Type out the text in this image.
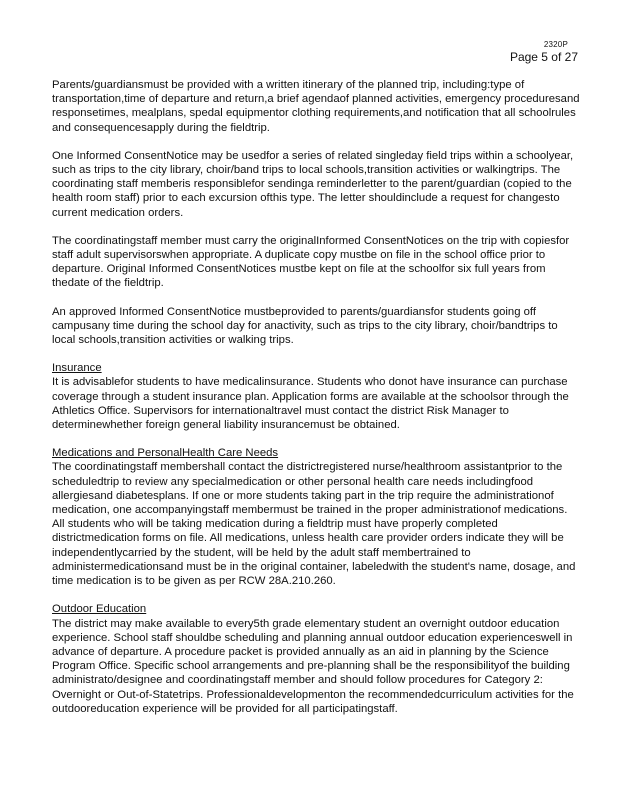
2320P
Page 5 of 27

Parents/guardiansmust be provided with a written itinerary of the planned trip, including:type of transportation,time of departure and return,a brief agendaof planned activities, emergency proceduresand responsetimes, mealplans, spedal equipmentor clothing requirements,and notification that all schoolrules and consequencesapply during the fieldtrip.

One Informed ConsentNotice may be usedfor a series of related singleday field trips within a schoolyear, such as trips to the city library, choir/band trips to local schools,transition activities or walkingtrips. The coordinating staff memberis responsiblefor sendinga reminderletter to the parent/guardian (copied to the health room staff) prior to each excursion ofthis type. The letter shouldinclude a request for changesto current medication orders.

The coordinatingstaff member must carry the originalInformed ConsentNotices on the trip with copiesfor staff adult supervisorswhen appropriate. A duplicate copy mustbe on file in the school office prior to departure. Original Informed ConsentNotices mustbe kept on file at the schoolfor six full years from thedate of the fieldtrip.

An approved Informed ConsentNotice mustbeprovided to parents/guardiansfor students going off campusany time during the school day for anactivity, such as trips to the city library, choir/bandtrips to local schools,transition activities or walking trips.

Insurance
It is advisablefor students to have medicalinsurance. Students who donot have insurance can purchase coverage through a student insurance plan. Application forms are available at the schoolsor through the Athletics Office. Supervisors for internationaltravel must contact the district Risk Manager to determinewhether foreign general liability insurancemust be obtained.
Medications and PersonalHealth Care Needs
The coordinatingstaff membershall contact the districtregistered nurse/healthroom assistantprior to the scheduledtrip to review any specialmedication or other personal health care needs includingfood allergiesand diabetesplans. If one or more students taking part in the trip require the administrationof medication, one accompanyingstaff membermust be trained in the proper administrationof medications. All students who will be taking medication during a fieldtrip must have properly completed districtmedication forms on file. All medications, unless health care provider orders indicate they will be independentlycarried by the student, will be held by the adult staff membertrained to administermedicationsand must be in the original container, labeledwith the student's name, dosage, and time medication is to be given as per RCW 28A.210.260.
Outdoor Education
The district may make available to every5th grade elementary student an overnight outdoor education experience. School staff shouldbe scheduling and planning annual outdoor education experienceswell in advance of departure. A procedure packet is provided annually as an aid in planning by the Science Program Office. Specific school arrangements and pre-planning shall be the responsibilityof the building administrato/designee and coordinatingstaff member and should follow procedures for Category 2: Overnight or Out-of-Statetrips. Professionaldevelopmenton the recommendedcurriculum activities for the outdooreducation experience will be provided for all participatingstaff.
